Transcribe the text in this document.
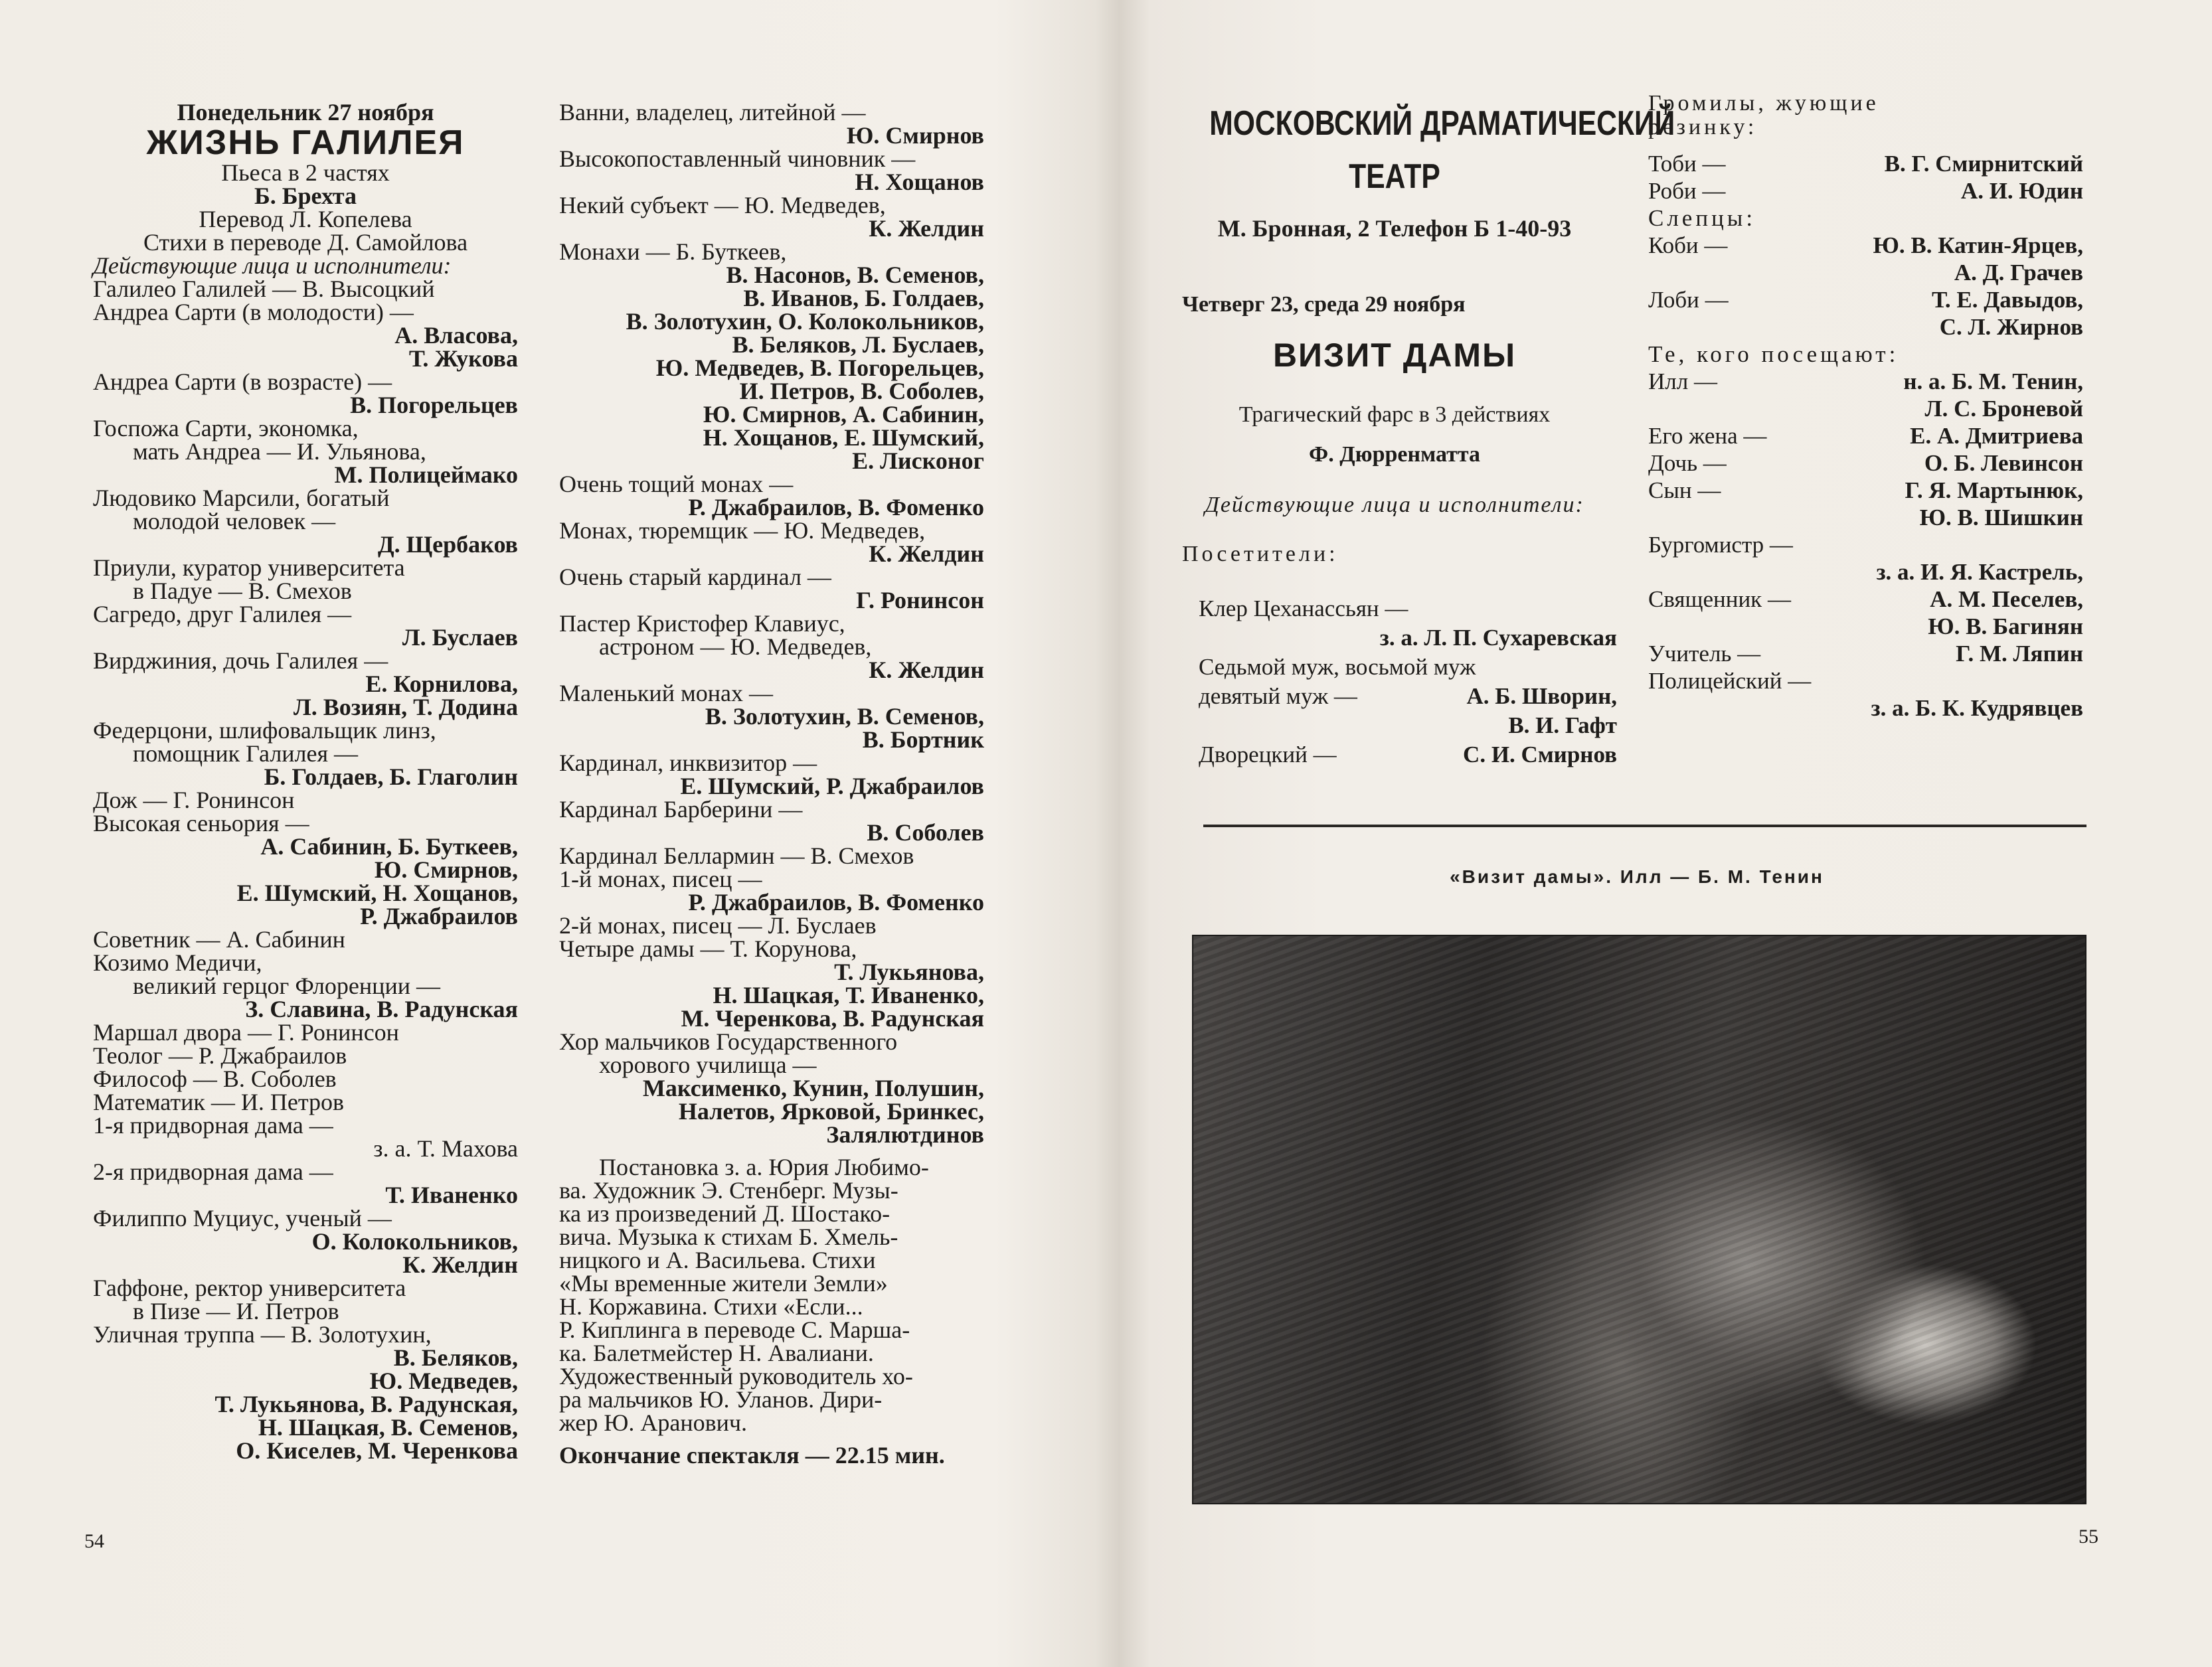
Понедельник 27 ноября
ЖИЗНЬ ГАЛИЛЕЯ
Пьеса в 2 частях
Б. Брехта
Перевод Л. Копелева
Стихи в переводе Д. Самойлова
Действующие лица и исполнители:
Галилео Галилей — В. Высоцкий
Андреа Сарти (в молодости) —
А. Власова,
Т. Жукова
Андреа Сарти (в возрасте) —
В. Погорельцев
Госпожа Сарти, экономка,
мать Андреа — И. Ульянова,
М. Полицеймако
Людовико Марсили, богатый
молодой человек —
Д. Щербаков
Приули, куратор университета
в Падуе — В. Смехов
Сагредо, друг Галилея —
Л. Буслаев
Вирджиния, дочь Галилея —
Е. Корнилова,
Л. Возиян, Т. Додина
Федерцони, шлифовальщик линз,
помощник Галилея —
Б. Голдаев, Б. Глаголин
Дож — Г. Ронинсон
Высокая сеньория —
А. Сабинин, Б. Буткеев,
Ю. Смирнов,
Е. Шумский, Н. Хощанов,
Р. Джабраилов
Советник — А. Сабинин
Козимо Медичи,
великий герцог Флоренции —
З. Славина, В. Радунская
Маршал двора — Г. Ронинсон
Теолог — Р. Джабраилов
Философ — В. Соболев
Математик — И. Петров
1-я придворная дама —
з. а. Т. Махова
2-я придворная дама —
Т. Иваненко
Филиппо Муциус, ученый —
О. Колокольников,
К. Желдин
Гаффоне, ректор университета
в Пизе — И. Петров
Уличная труппа — В. Золотухин,
В. Беляков,
Ю. Медведев,
Т. Лукьянова, В. Радунская,
Н. Шацкая, В. Семенов,
О. Киселев, М. Черенкова
Ванни, владелец, литейной —
Ю. Смирнов
Высокопоставленный чиновник —
Н. Хощанов
Некий субъект — Ю. Медведев,
К. Желдин
Монахи — Б. Буткеев,
В. Насонов, В. Семенов,
В. Иванов, Б. Голдаев,
В. Золотухин, О. Колокольников,
В. Беляков, Л. Буслаев,
Ю. Медведев, В. Погорельцев,
И. Петров, В. Соболев,
Ю. Смирнов, А. Сабинин,
Н. Хощанов, Е. Шумский,
Е. Лисконог
Очень тощий монах —
Р. Джабраилов, В. Фоменко
Монах, тюремщик — Ю. Медведев,
К. Желдин
Очень старый кардинал —
Г. Ронинсон
Пастер Кристофер Клавиус,
астроном — Ю. Медведев,
К. Желдин
Маленький монах —
В. Золотухин, В. Семенов,
В. Бортник
Кардинал, инквизитор —
Е. Шумский, Р. Джабраилов
Кардинал Барберини —
В. Соболев
Кардинал Беллармин — В. Смехов
1-й монах, писец —
Р. Джабраилов, В. Фоменко
2-й монах, писец — Л. Буслаев
Четыре дамы — Т. Корунова,
Т. Лукьянова,
Н. Шацкая, Т. Иваненко,
М. Черенкова, В. Радунская
Хор мальчиков Государственного
хорового училища —
Максименко, Кунин, Полушин,
Налетов, Ярковой, Бринкес,
Залялютдинов
Постановка з. а. Юрия Любимо-
ва. Художник Э. Стенберг. Музы-
ка из произведений Д. Шостако-
вича. Музыка к стихам Б. Хмель-
ницкого и А. Васильева. Стихи
«Мы временные жители Земли»
Н. Коржавина. Стихи «Если...
Р. Киплинга в переводе С. Марша-
ка. Балетмейстер Н. Авалиани.
Художественный руководитель хо-
ра мальчиков Ю. Уланов. Дири-
жер Ю. Аранович.
Окончание спектакля — 22.15 мин.
54
МОСКОВСКИЙ ДРАМАТИЧЕСКИЙ
ТЕАТР
М. Бронная, 2 Телефон Б 1-40-93
Четверг 23, среда 29 ноября
ВИЗИТ ДАМЫ
Трагический фарс в 3 действиях
Ф. Дюрренматта
Действующие лица и исполнители:
Посетители:
Клер Цеханассьян —
з. а. Л. П. Сухаревская
Седьмой муж, восьмой муж
девятый муж —	А. Б. Шворин,
В. И. Гафт
Дворецкий —	С. И. Смирнов
Громилы, жующие резинку:
Тоби —	В. Г. Смирнитский
Роби —	А. И. Юдин
Слепцы:
Коби —	Ю. В. Катин-Ярцев,
А. Д. Грачев
Лоби —	Т. Е. Давыдов,
С. Л. Жирнов
Те, кого посещают:
Илл —	н. а. Б. М. Тенин,
Л. С. Броневой
Его жена —	Е. А. Дмитриева
Дочь —	О. Б. Левинсон
Сын —	Г. Я. Мартынюк,
Ю. В. Шишкин
Бургомистр —
з. а. И. Я. Кастрель,
Священник —	А. М. Песелев,
Ю. В. Багинян
Учитель —	Г. М. Ляпин
Полицейский —
з. а. Б. К. Кудрявцев
«Визит дамы». Илл — Б. М. Тенин
55
